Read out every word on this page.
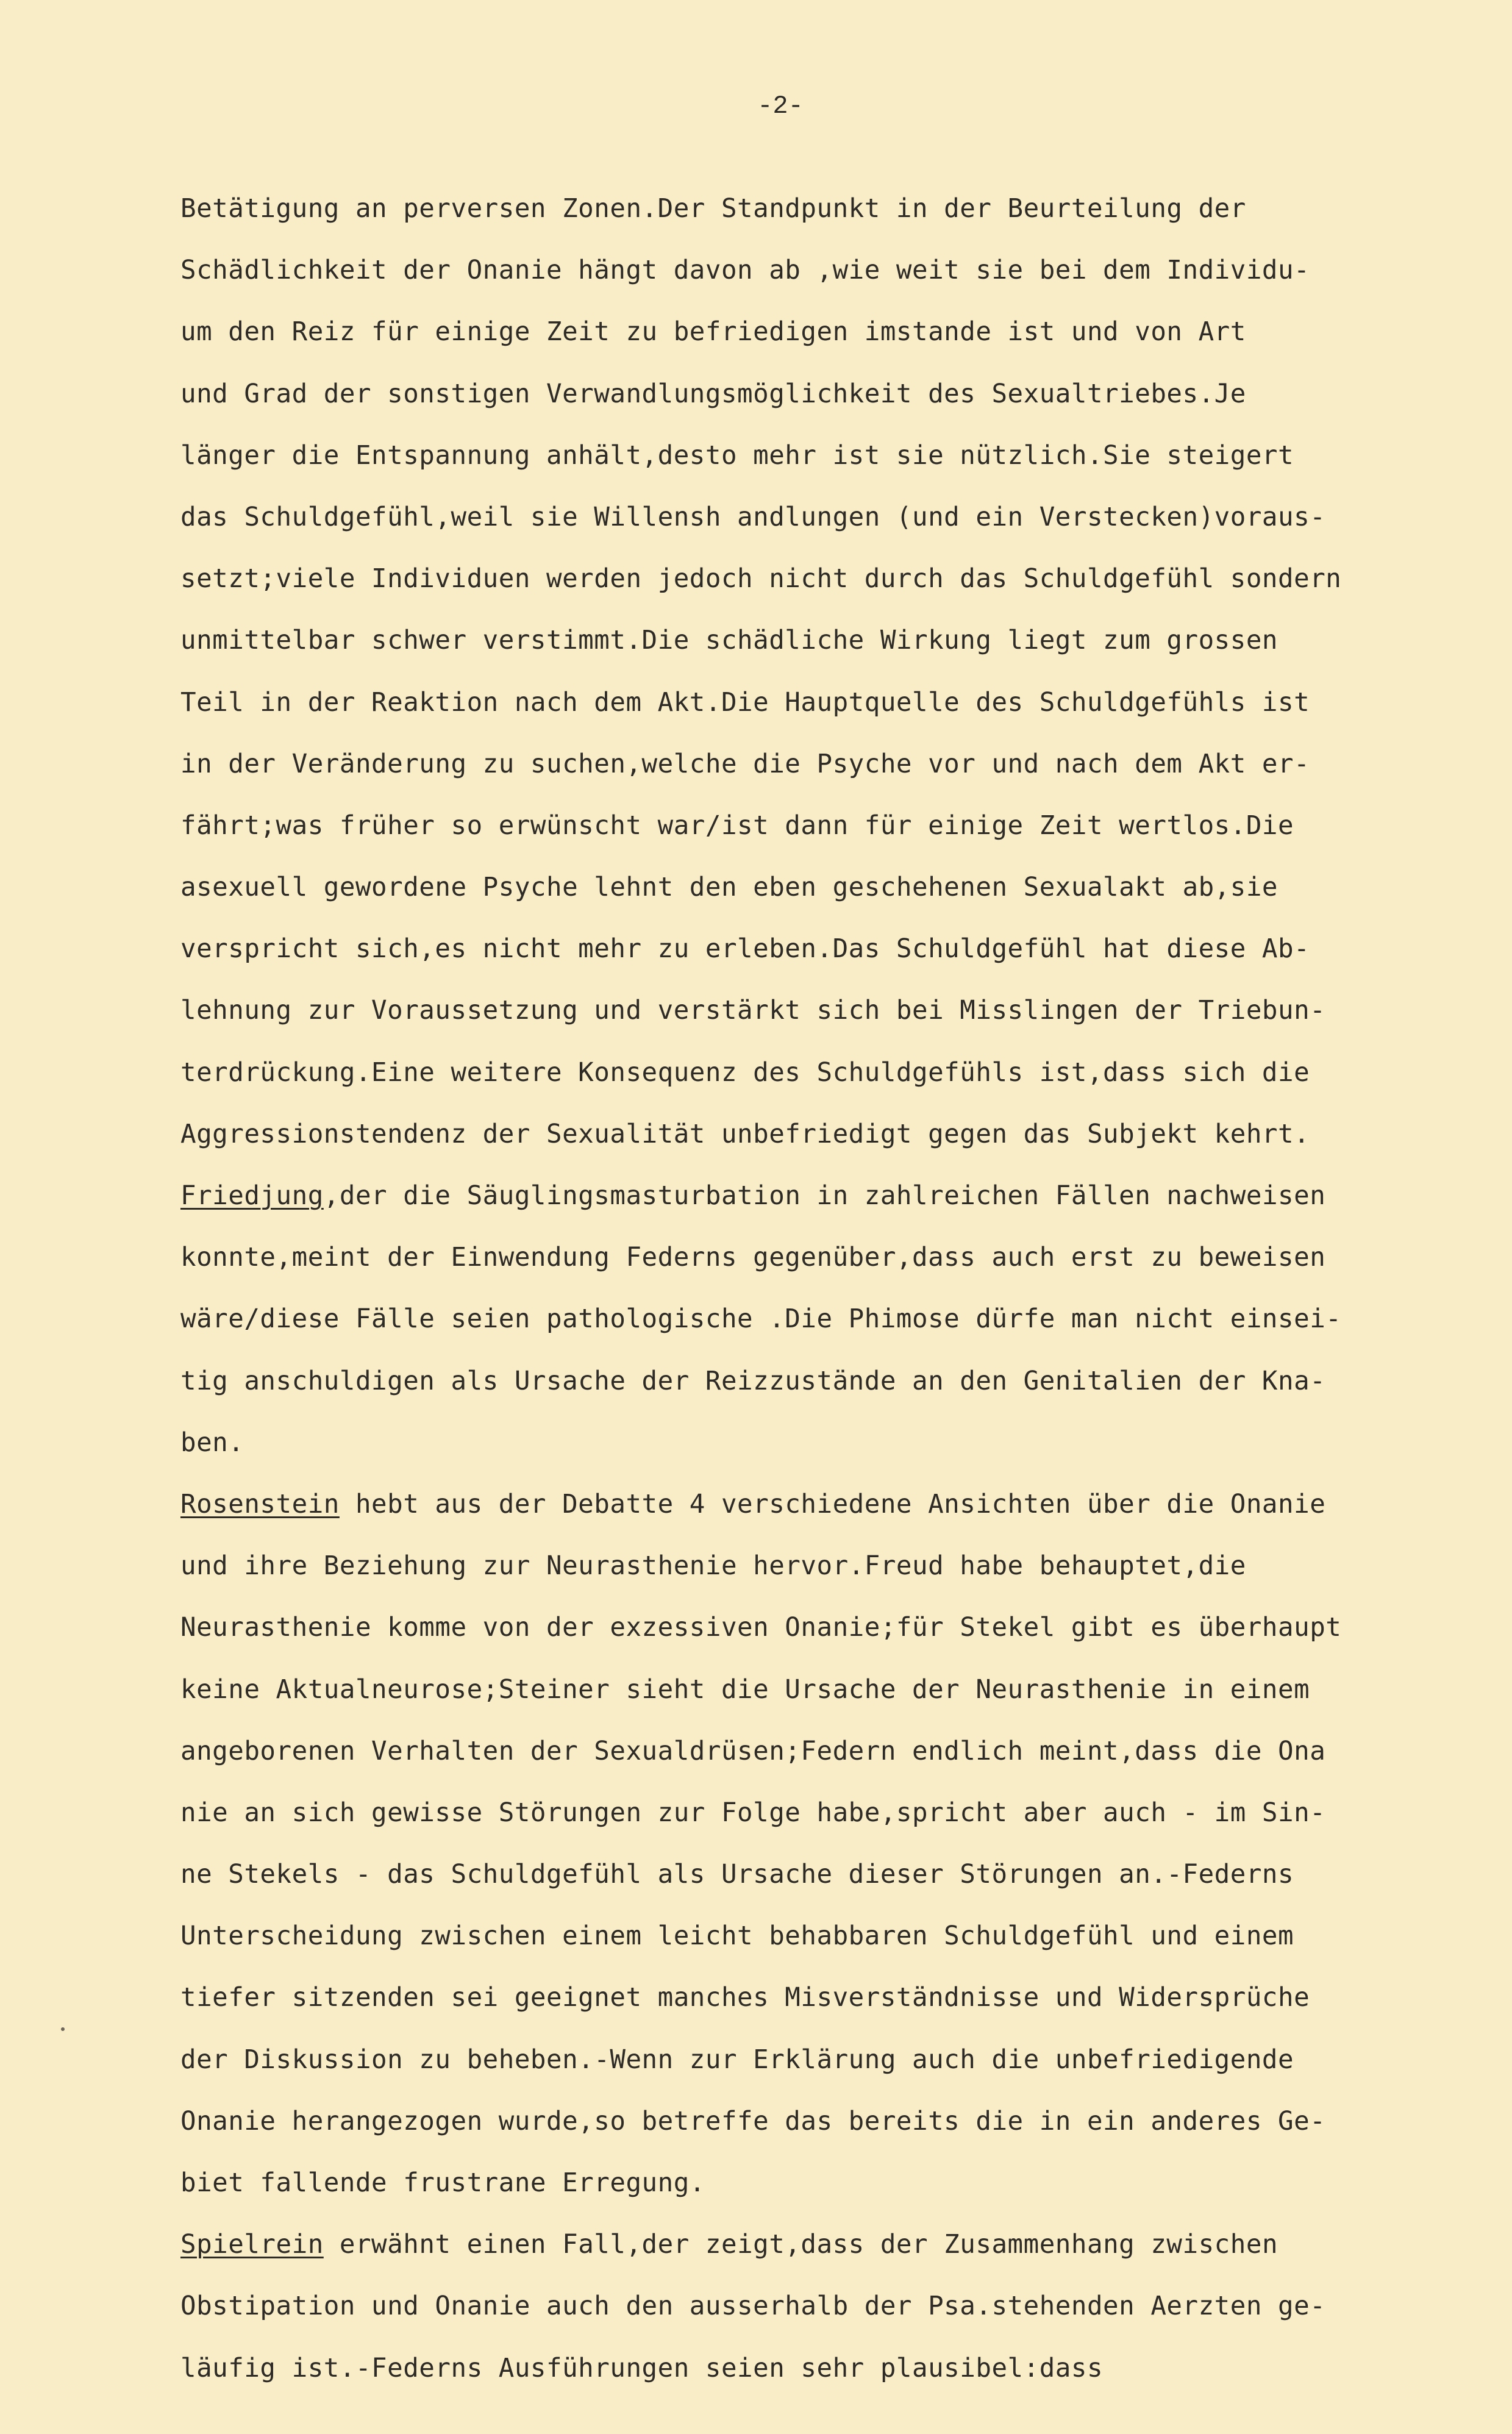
-2-
Betätigung an perversen Zonen.Der Standpunkt in der Beurteilung der
Schädlichkeit der Onanie hängt davon ab ,wie weit sie bei dem Individu-
um den Reiz für einige Zeit zu befriedigen imstande ist und von Art
und Grad der sonstigen Verwandlungsmöglichkeit des Sexualtriebes.Je
länger die Entspannung anhält,desto mehr ist sie nützlich.Sie steigert
das Schuldgefühl,weil sie Willensh andlungen (und ein Verstecken)voraus-
setzt;viele Individuen werden jedoch nicht durch das Schuldgefühl sondern
unmittelbar schwer verstimmt.Die schädliche Wirkung liegt zum grossen
Teil in der Reaktion nach dem Akt.Die Hauptquelle des Schuldgefühls ist
in der Veränderung zu suchen,welche die Psyche vor und nach dem Akt er-
fährt;was früher so erwünscht war/ist dann für einige Zeit wertlos.Die
asexuell gewordene Psyche lehnt den eben geschehenen Sexualakt ab,sie
verspricht sich,es nicht mehr zu erleben.Das Schuldgefühl hat diese Ab-
lehnung zur Voraussetzung und verstärkt sich bei Misslingen der Triebun-
terdrückung.Eine weitere Konsequenz des Schuldgefühls ist,dass sich die
Aggressionstendenz der Sexualität unbefriedigt gegen das Subjekt kehrt.
Friedjung,der die Säuglingsmasturbation in zahlreichen Fällen nachweisen
konnte,meint der Einwendung Federns gegenüber,dass auch erst zu beweisen
wäre/diese Fälle seien pathologische .Die Phimose dürfe man nicht einsei-
tig anschuldigen als Ursache der Reizzustände an den Genitalien der Kna-
ben.
Rosenstein hebt aus der Debatte 4 verschiedene Ansichten über die Onanie
und ihre Beziehung zur Neurasthenie hervor.Freud habe behauptet,die
Neurasthenie komme von der exzessiven Onanie;für Stekel gibt es überhaupt
keine Aktualneurose;Steiner sieht die Ursache der Neurasthenie in einem
angeborenen Verhalten der Sexualdrüsen;Federn endlich meint,dass die Ona
nie an sich gewisse Störungen zur Folge habe,spricht aber auch - im Sin-
ne Stekels - das Schuldgefühl als Ursache dieser Störungen an.-Federns
Unterscheidung zwischen einem leicht behabbaren Schuldgefühl und einem
tiefer sitzenden sei geeignet manches Misverständnisse und Widersprüche
der Diskussion zu beheben.-Wenn zur Erklärung auch die unbefriedigende
Onanie herangezogen wurde,so betreffe das bereits die in ein anderes Ge-
biet fallende frustrane Erregung.
Spielrein erwähnt einen Fall,der zeigt,dass der Zusammenhang zwischen
Obstipation und Onanie auch den ausserhalb der Psa.stehenden Aerzten ge-
läufig ist.-Federns Ausführungen seien sehr plausibel:dass
